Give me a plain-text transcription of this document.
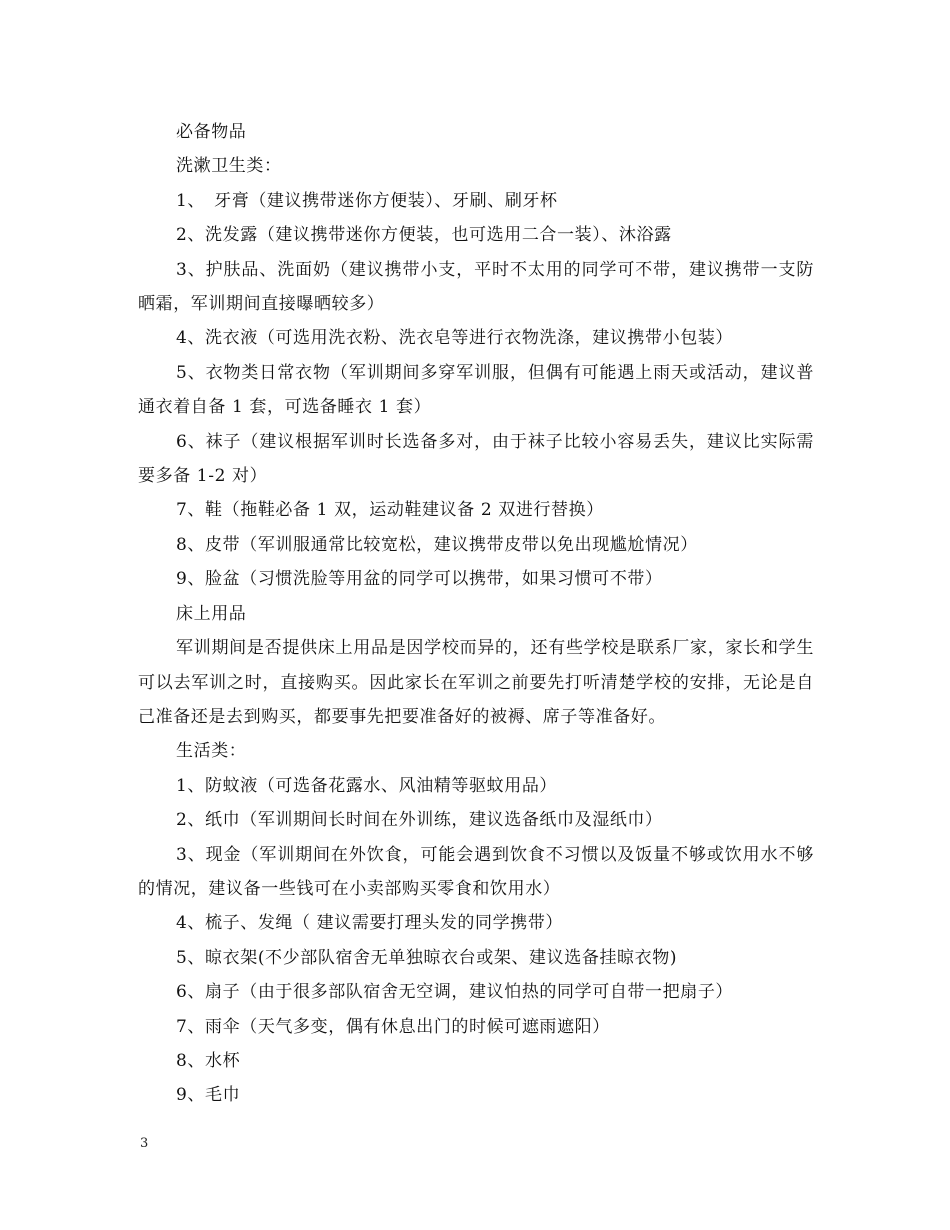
必备物品

洗漱卫生类：

1、　牙膏（建议携带迷你方便装）、牙刷、刷牙杯

2、洗发露（建议携带迷你方便装，也可选用二合一装）、沐浴露

3、护肤品、洗面奶（建议携带小支，平时不太用的同学可不带，建议携带一支防晒霜，军训期间直接曝晒较多）

4、洗衣液（可选用洗衣粉、洗衣皂等进行衣物洗涤，建议携带小包装）

5、衣物类日常衣物（军训期间多穿军训服，但偶有可能遇上雨天或活动，建议普通衣着自备 1 套，可选备睡衣 1 套）

6、袜子（建议根据军训时长选备多对，由于袜子比较小容易丢失，建议比实际需要多备 1-2 对）

7、鞋（拖鞋必备 1 双，运动鞋建议备 2 双进行替换）

8、皮带（军训服通常比较宽松，建议携带皮带以免出现尴尬情况）

9、脸盆（习惯洗脸等用盆的同学可以携带，如果习惯可不带）

床上用品

军训期间是否提供床上用品是因学校而异的，还有些学校是联系厂家，家长和学生可以去军训之时，直接购买。因此家长在军训之前要先打听清楚学校的安排，无论是自己准备还是去到购买，都要事先把要准备好的被褥、席子等准备好。

生活类：

1、防蚊液（可选备花露水、风油精等驱蚊用品）

2、纸巾（军训期间长时间在外训练，建议选备纸巾及湿纸巾）

3、现金（军训期间在外饮食，可能会遇到饮食不习惯以及饭量不够或饮用水不够的情况，建议备一些钱可在小卖部购买零食和饮用水）

4、梳子、发绳（ 建议需要打理头发的同学携带）

5、晾衣架(不少部队宿舍无单独晾衣台或架、建议选备挂晾衣物)

6、扇子（由于很多部队宿舍无空调，建议怕热的同学可自带一把扇子）

7、雨伞（天气多变，偶有休息出门的时候可遮雨遮阳）

8、水杯

9、毛巾

3
